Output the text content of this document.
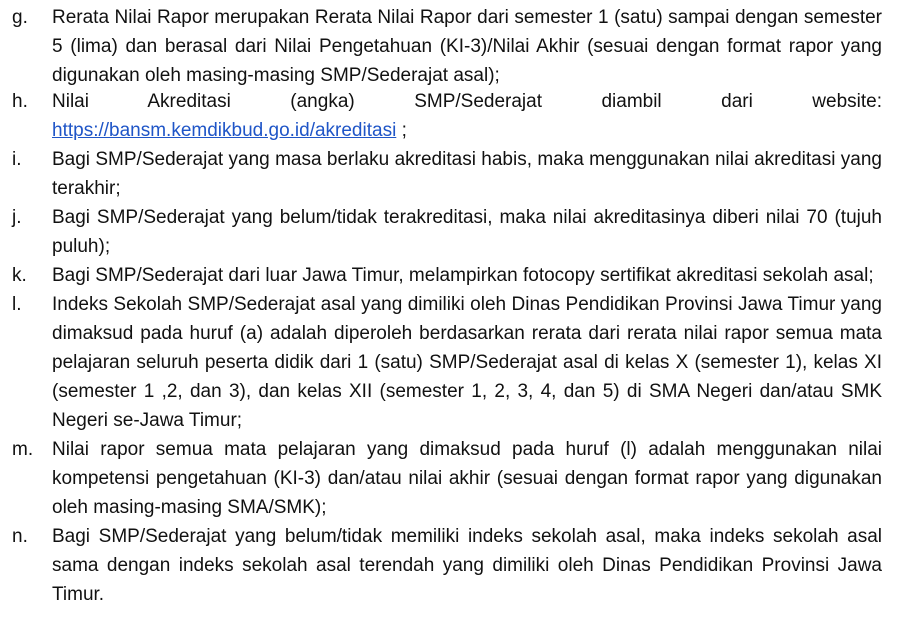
g. Rerata Nilai Rapor merupakan Rerata Nilai Rapor dari semester 1 (satu) sampai dengan semester 5 (lima) dan berasal dari Nilai Pengetahuan (KI-3)/Nilai Akhir (sesuai dengan format rapor yang digunakan oleh masing-masing SMP/Sederajat asal);
h. Nilai Akreditasi (angka) SMP/Sederajat diambil dari website: https://bansm.kemdikbud.go.id/akreditasi ;
i. Bagi SMP/Sederajat yang masa berlaku akreditasi habis, maka menggunakan nilai akreditasi yang terakhir;
j. Bagi SMP/Sederajat yang belum/tidak terakreditasi, maka nilai akreditasinya diberi nilai 70 (tujuh puluh);
k. Bagi SMP/Sederajat dari luar Jawa Timur, melampirkan fotocopy sertifikat akreditasi sekolah asal;
l. Indeks Sekolah SMP/Sederajat asal yang dimiliki oleh Dinas Pendidikan Provinsi Jawa Timur yang dimaksud pada huruf (a) adalah diperoleh berdasarkan rerata dari rerata nilai rapor semua mata pelajaran seluruh peserta didik dari 1 (satu) SMP/Sederajat asal di kelas X (semester 1), kelas XI (semester 1 ,2, dan 3), dan kelas XII (semester 1, 2, 3, 4, dan 5) di SMA Negeri dan/atau SMK Negeri se-Jawa Timur;
m. Nilai rapor semua mata pelajaran yang dimaksud pada huruf (l) adalah menggunakan nilai kompetensi pengetahuan (KI-3) dan/atau nilai akhir (sesuai dengan format rapor yang digunakan oleh masing-masing SMA/SMK);
n. Bagi SMP/Sederajat yang belum/tidak memiliki indeks sekolah asal, maka indeks sekolah asal sama dengan indeks sekolah asal terendah yang dimiliki oleh Dinas Pendidikan Provinsi Jawa Timur.
